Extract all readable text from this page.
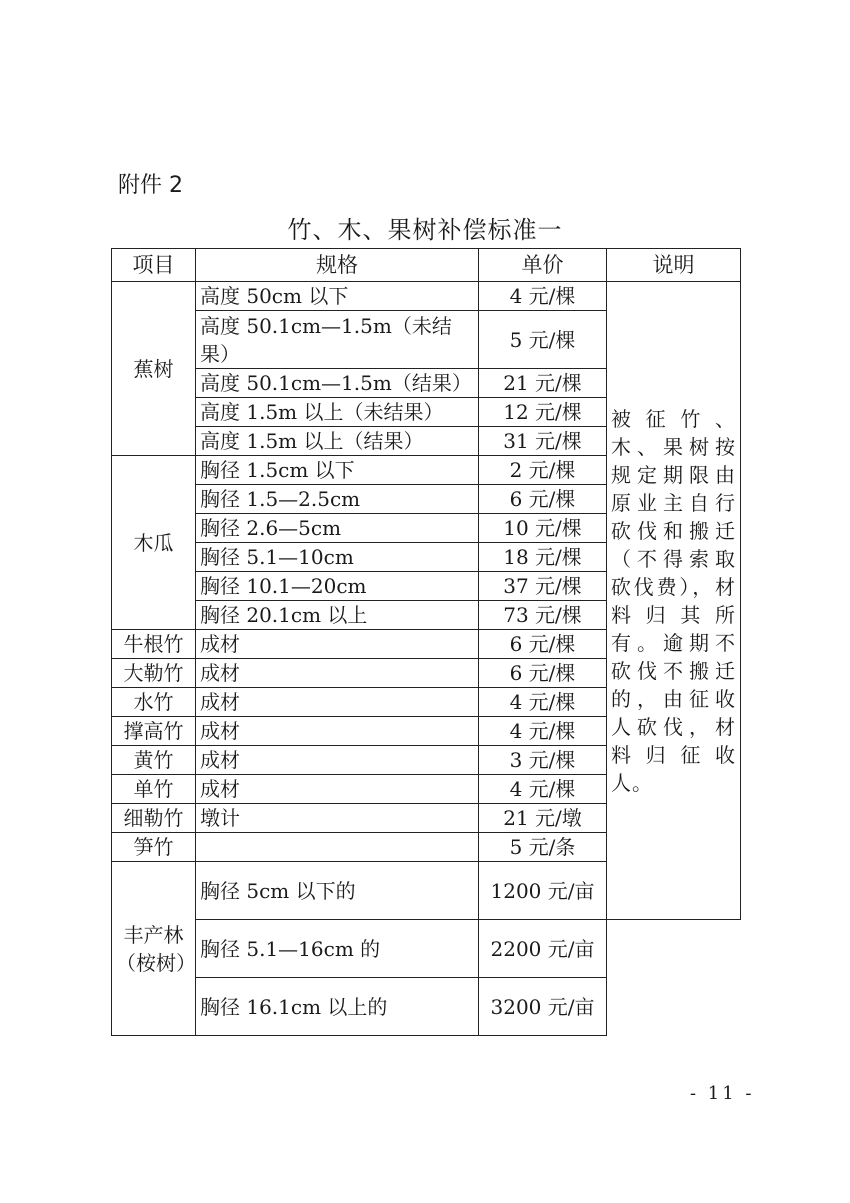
附件 2
竹、木、果树补偿标准一
项目	规格	单价	说明
蕉树	高度 50cm 以下	4 元/棵	被征竹、木、果树按规定期限由原业主自行砍伐和搬迁（不得索取砍伐费），材料归其所有。逾期不砍伐不搬迁的，由征收人砍伐，材料归征收人。
	高度 50.1cm—1.5m（未结果）	5 元/棵	
	高度 50.1cm—1.5m（结果）	21 元/棵	
	高度 1.5m 以上（未结果）	12 元/棵	
	高度 1.5m 以上（结果）	31 元/棵	
木瓜	胸径 1.5cm 以下	2 元/棵	
	胸径 1.5—2.5cm	6 元/棵	
	胸径 2.6—5cm	10 元/棵	
	胸径 5.1—10cm	18 元/棵	
	胸径 10.1—20cm	37 元/棵	
	胸径 20.1cm 以上	73 元/棵	
牛根竹	成材	6 元/棵	
大勒竹	成材	6 元/棵	
水竹	成材	4 元/棵	
撑高竹	成材	4 元/棵	
黄竹	成材	3 元/棵	
单竹	成材	4 元/棵	
细勒竹	墩计	21 元/墩	
笋竹		5 元/条	
丰产林（桉树）	胸径 5cm 以下的	1200 元/亩	
	胸径 5.1—16cm 的	2200 元/亩	
	胸径 16.1cm 以上的	3200 元/亩	
- 11 -
